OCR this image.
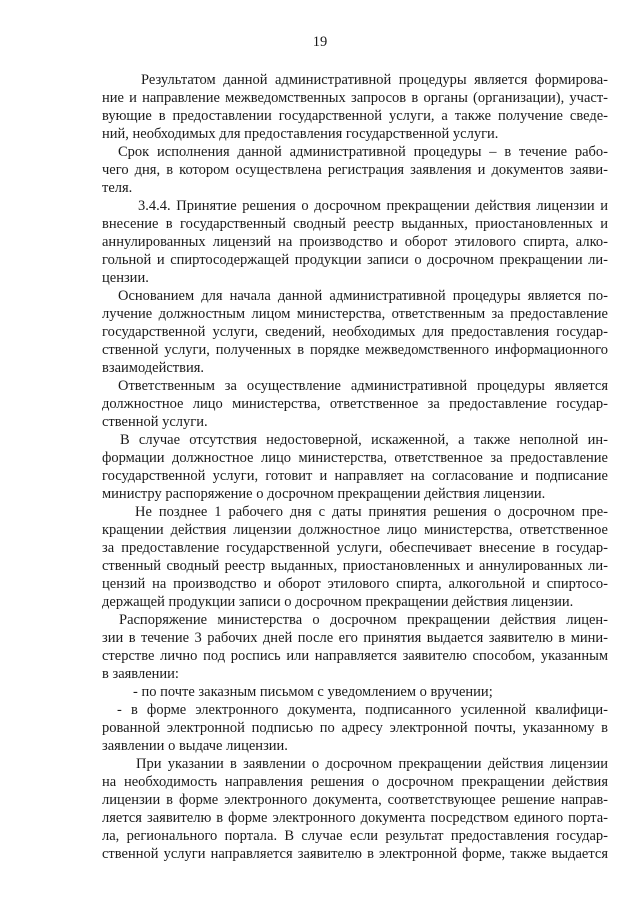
19
Результатом данной административной процедуры является формирова-
ние и направление межведомственных запросов в органы (организации), участ-
вующие в предоставлении государственной услуги, а также получение сведе-
ний, необходимых для предоставления государственной услуги.
Срок исполнения данной административной процедуры – в течение рабо-
чего дня, в котором осуществлена регистрация заявления и документов заяви-
теля.
3.4.4. Принятие решения о досрочном прекращении действия лицензии и
внесение в государственный сводный реестр выданных, приостановленных и
аннулированных лицензий на производство и оборот этилового спирта, алко-
гольной и спиртосодержащей продукции записи о досрочном прекращении ли-
цензии.
Основанием для начала данной административной процедуры является по-
лучение должностным лицом министерства, ответственным за предоставление
государственной услуги, сведений, необходимых для предоставления государ-
ственной услуги, полученных в порядке межведомственного информационного
взаимодействия.
Ответственным за осуществление административной процедуры является
должностное лицо министерства, ответственное за предоставление государ-
ственной услуги.
В случае отсутствия недостоверной, искаженной, а также неполной ин-
формации должностное лицо министерства, ответственное за предоставление
государственной услуги, готовит и направляет на согласование и подписание
министру распоряжение о досрочном прекращении действия лицензии.
Не позднее 1 рабочего дня с даты принятия решения о досрочном пре-
кращении действия лицензии должностное лицо министерства, ответственное
за предоставление государственной услуги, обеспечивает внесение в государ-
ственный сводный реестр выданных, приостановленных и аннулированных ли-
цензий на производство и оборот этилового спирта, алкогольной и спиртосо-
держащей продукции записи о досрочном прекращении действия лицензии.
Распоряжение министерства о досрочном прекращении действия лицен-
зии в течение 3 рабочих дней после его принятия выдается заявителю в мини-
стерстве лично под роспись или направляется заявителю способом, указанным
в заявлении:
- по почте заказным письмом с уведомлением о вручении;
- в форме электронного документа, подписанного усиленной квалифици-
рованной электронной подписью по адресу электронной почты, указанному в
заявлении о выдаче лицензии.
При указании в заявлении о досрочном прекращении действия лицензии
на необходимость направления решения о досрочном прекращении действия
лицензии в форме электронного документа, соответствующее решение направ-
ляется заявителю в форме электронного документа посредством единого порта-
ла, регионального портала. В случае если результат предоставления государ-
ственной услуги направляется заявителю в электронной форме, также выдается
